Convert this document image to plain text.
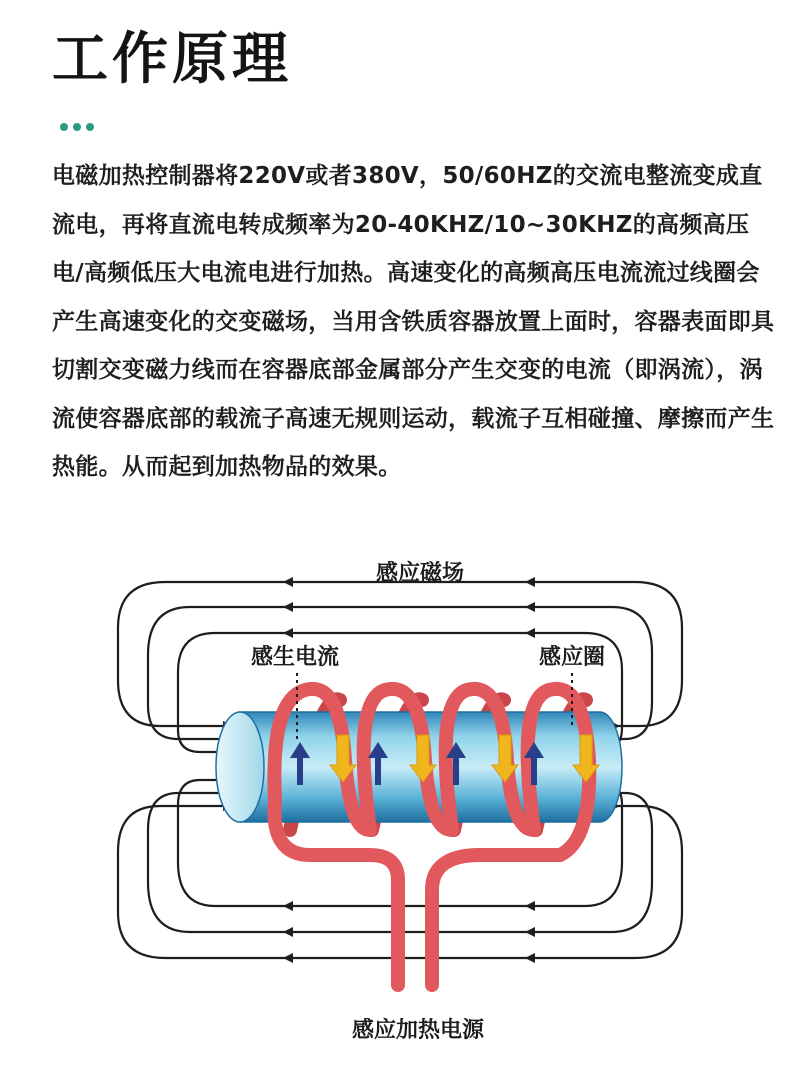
工作原理

电磁加热控制器将220V或者380V，50/60HZ的交流电整流变成直流电，再将直流电转成频率为20-40KHZ/10~30KHZ的高频高压电/高频低压大电流电进行加热。高速变化的高频高压电流流过线圈会产生高速变化的交变磁场，当用含铁质容器放置上面时，容器表面即具切割交变磁力线而在容器底部金属部分产生交变的电流（即涡流），涡流使容器底部的载流子高速无规则运动，载流子互相碰撞、摩擦而产生热能。从而起到加热物品的效果。

感应磁场
感生电流	感应圈
感应加热电源
